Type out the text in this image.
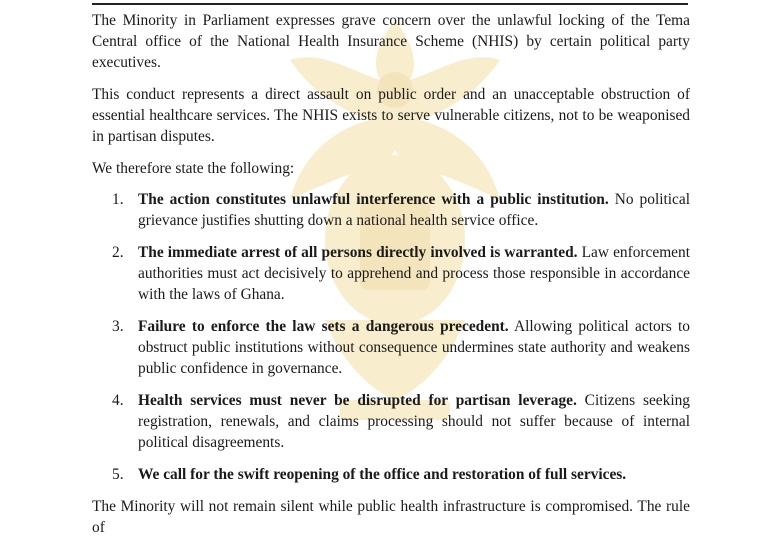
The Minority in Parliament expresses grave concern over the unlawful locking of the Tema Central office of the National Health Insurance Scheme (NHIS) by certain political party executives.

This conduct represents a direct assault on public order and an unacceptable obstruction of essential healthcare services. The NHIS exists to serve vulnerable citizens, not to be weaponised in partisan disputes.

We therefore state the following:

1. The action constitutes unlawful interference with a public institution. No political grievance justifies shutting down a national health service office.
2. The immediate arrest of all persons directly involved is warranted. Law enforcement authorities must act decisively to apprehend and process those responsible in accordance with the laws of Ghana.
3. Failure to enforce the law sets a dangerous precedent. Allowing political actors to obstruct public institutions without consequence undermines state authority and weakens public confidence in governance.
4. Health services must never be disrupted for partisan leverage. Citizens seeking registration, renewals, and claims processing should not suffer because of internal political disagreements.
5. We call for the swift reopening of the office and restoration of full services.

The Minority will not remain silent while public health infrastructure is compromised. The rule of
